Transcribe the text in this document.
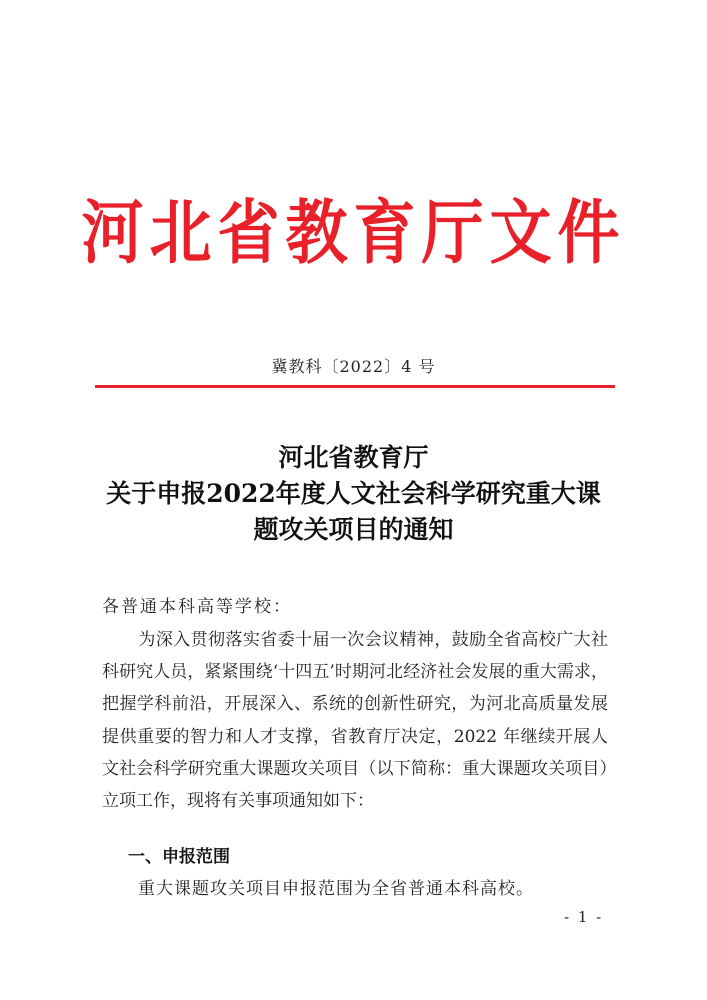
河北省教育厅文件
冀教科〔2022〕4 号
河北省教育厅
关于申报2022年度人文社会科学研究重大课
题攻关项目的通知
各普通本科高等学校：
为深入贯彻落实省委十届一次会议精神，鼓励全省高校广大社科研究人员，紧紧围绕‘十四五’时期河北经济社会发展的重大需求，把握学科前沿，开展深入、系统的创新性研究，为河北高质量发展提供重要的智力和人才支撑，省教育厅决定，2022 年继续开展人文社会科学研究重大课题攻关项目（以下简称：重大课题攻关项目）立项工作，现将有关事项通知如下：
一、申报范围
重大课题攻关项目申报范围为全省普通本科高校。
- 1 -
